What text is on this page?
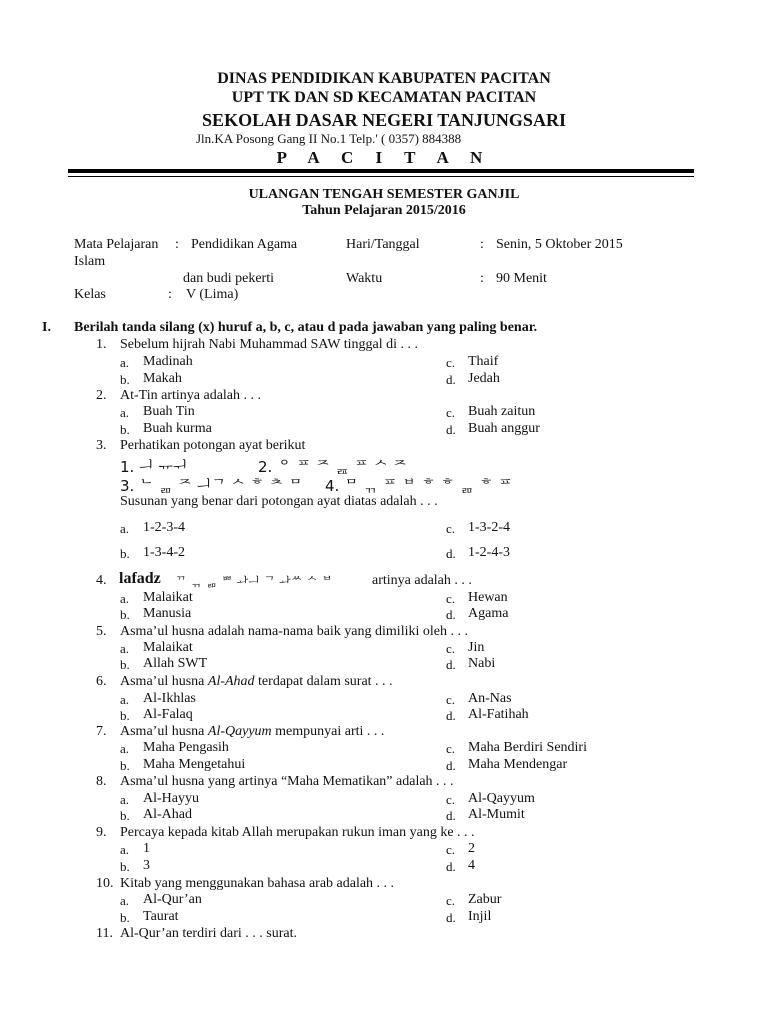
DINAS PENDIDIKAN KABUPATEN PACITAN
UPT TK DAN SD KECAMATAN PACITAN
SEKOLAH DASAR NEGERI TANJUNGSARI
Jln.KA Posong Gang II No.1 Telp.' ( 0357) 884388
P A C I T A N
ULANGAN TENGAH SEMESTER GANJIL
Tahun Pelajaran 2015/2016
Mata Pelajaran : Pendidikan Agama	Hari/Tanggal	: Senin, 5 Oktober 2015
Islam
dan budi pekerti	Waktu	: 90 Menit
Kelas	: V (Lima)
I. Berilah tanda silang (x) huruf a, b, c, atau d pada jawaban yang paling benar.
1. Sebelum hijrah Nabi Muhammad SAW tinggal di . . .
a. Madinah	c. Thaif
b. Makah	d. Jedah
2. At-Tin artinya adalah . . .
a. Buah Tin	c. Buah zaitun
b. Buah kurma	d. Buah anggur
3. Perhatikan potongan ayat berikut
1. ᅴ ᅲᅱ	2. ᄋ ᄑ ᄌ ᆵ ᄑ ᄉ ᄌ
3. ᄂ ᆱ ᄌ ᅴᄀ ᄉ ᄒ ᄎ ᄆ 4. ᄆ ᆩ ᄑ ᄇ ᄒ ᄒ ᆱ ᄒ ᄑ
Susunan yang benar dari potongan ayat diatas adalah . . .
a. 1-2-3-4	c. 1-3-2-4
b. 1-3-4-2	d. 1-2-4-3
4. lafadz ᄁ ᆩ ᆱ ᄈ ᅪᅴ ᄀ ᅪᄊ ᄉ ᄇ	artinya adalah . . .
a. Malaikat	c. Hewan
b. Manusia	d. Agama
5. Asma’ul husna adalah nama-nama baik yang dimiliki oleh . . .
a. Malaikat	c. Jin
b. Allah SWT	d. Nabi
6. Asma’ul husna Al-Ahad terdapat dalam surat . . .
a. Al-Ikhlas	c. An-Nas
b. Al-Falaq	d. Al-Fatihah
7. Asma’ul husna Al-Qayyum mempunyai arti . . .
a. Maha Pengasih	c. Maha Berdiri Sendiri
b. Maha Mengetahui	d. Maha Mendengar
8. Asma’ul husna yang artinya “Maha Mematikan” adalah . . .
a. Al-Hayyu	c. Al-Qayyum
b. Al-Ahad	d. Al-Mumit
9. Percaya kepada kitab Allah merupakan rukun iman yang ke . . .
a. 1	c. 2
b. 3	d. 4
10. Kitab yang menggunakan bahasa arab adalah . . .
a. Al-Qur’an	c. Zabur
b. Taurat	d. Injil
11. Al-Qur’an terdiri dari . . . surat.
